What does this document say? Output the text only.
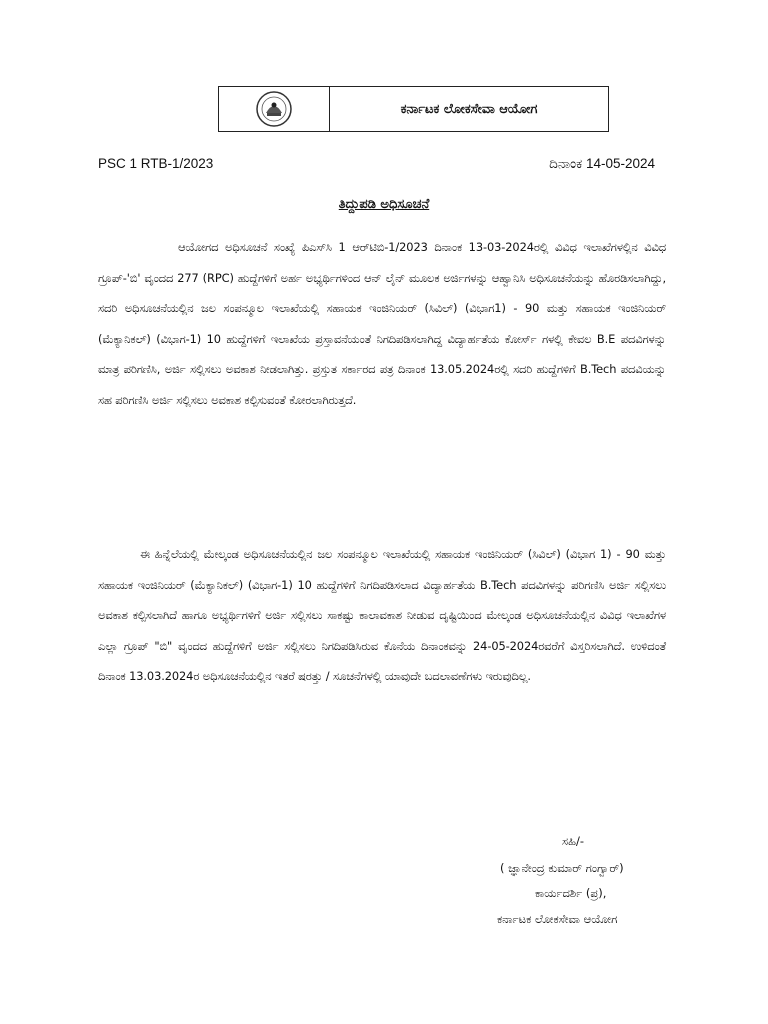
ಕರ್ನಾಟಕ ಲೋಕಸೇವಾ ಆಯೋಗ
PSC 1 RTB-1/2023	ದಿನಾಂಕ 14-05-2024
ತಿದ್ದುಪಡಿ ಅಧಿಸೂಚನೆ

ಆಯೋಗದ ಅಧಿಸೂಚನೆ ಸಂಖ್ಯೆ ಪಿಎಸ್‌ಸಿ 1 ಆರ್‌ಟಿಬಿ-1/2023 ದಿನಾಂಕ 13-03-2024ರಲ್ಲಿ ವಿವಿಧ ಇಲಾಖೆಗಳಲ್ಲಿನ ವಿವಿಧ ಗ್ರೂಪ್-'ಬಿ' ವೃಂದದ 277 (RPC) ಹುದ್ದೆಗಳಿಗೆ ಅರ್ಹ ಅಭ್ಯರ್ಥಿಗಳಿಂದ ಆನ್ ಲೈನ್ ಮೂಲಕ ಅರ್ಜಿಗಳನ್ನು ಆಹ್ವಾನಿಸಿ ಅಧಿಸೂಚನೆಯನ್ನು ಹೊರಡಿಸಲಾಗಿದ್ದು, ಸದರಿ ಅಧಿಸೂಚನೆಯಲ್ಲಿನ ಜಲ ಸಂಪನ್ಮೂಲ ಇಲಾಖೆಯಲ್ಲಿ ಸಹಾಯಕ ಇಂಜಿನಿಯರ್ (ಸಿವಿಲ್) (ವಿಭಾಗ1) - 90 ಮತ್ತು ಸಹಾಯಕ ಇಂಜಿನಿಯರ್ (ಮೆಕ್ಯಾನಿಕಲ್) (ವಿಭಾಗ-1) 10 ಹುದ್ದೆಗಳಿಗೆ ಇಲಾಖೆಯ ಪ್ರಸ್ತಾವನೆಯಂತೆ ನಿಗದಿಪಡಿಸಲಾಗಿದ್ದ ವಿದ್ಯಾರ್ಹತೆಯ ಕೋರ್ಸ್ ಗಳಲ್ಲಿ ಕೇವಲ B.E ಪದವಿಗಳನ್ನು ಮಾತ್ರ ಪರಿಗಣಿಸಿ, ಅರ್ಜಿ ಸಲ್ಲಿಸಲು ಅವಕಾಶ ನೀಡಲಾಗಿತ್ತು. ಪ್ರಸ್ತುತ ಸರ್ಕಾರದ ಪತ್ರ ದಿನಾಂಕ 13.05.2024ರಲ್ಲಿ ಸದರಿ ಹುದ್ದೆಗಳಿಗೆ B.Tech ಪದವಿಯನ್ನು ಸಹ ಪರಿಗಣಿಸಿ ಅರ್ಜಿ ಸಲ್ಲಿಸಲು ಅವಕಾಶ ಕಲ್ಪಿಸುವಂತೆ ಕೋರಲಾಗಿರುತ್ತದೆ.

ಈ ಹಿನ್ನೆಲೆಯಲ್ಲಿ ಮೇಲ್ಕಂಡ ಅಧಿಸೂಚನೆಯಲ್ಲಿನ ಜಲ ಸಂಪನ್ಮೂಲ ಇಲಾಖೆಯಲ್ಲಿ ಸಹಾಯಕ ಇಂಜಿನಿಯರ್ (ಸಿವಿಲ್) (ವಿಭಾಗ 1) - 90 ಮತ್ತು ಸಹಾಯಕ ಇಂಜಿನಿಯರ್ (ಮೆಕ್ಯಾನಿಕಲ್) (ವಿಭಾಗ-1) 10 ಹುದ್ದೆಗಳಿಗೆ ನಿಗದಿಪಡಿಸಲಾದ ವಿದ್ಯಾರ್ಹತೆಯ B.Tech ಪದವಿಗಳನ್ನು ಪರಿಗಣಿಸಿ ಅರ್ಜಿ ಸಲ್ಲಿಸಲು ಅವಕಾಶ ಕಲ್ಪಿಸಲಾಗಿದೆ ಹಾಗೂ ಅಭ್ಯರ್ಥಿಗಳಿಗೆ ಅರ್ಜಿ ಸಲ್ಲಿಸಲು ಸಾಕಷ್ಟು ಕಾಲಾವಕಾಶ ನೀಡುವ ದೃಷ್ಟಿಯಿಂದ ಮೇಲ್ಕಂಡ ಅಧಿಸೂಚನೆಯಲ್ಲಿನ ವಿವಿಧ ಇಲಾಖೆಗಳ ಎಲ್ಲಾ ಗ್ರೂಪ್ "ಬಿ" ವೃಂದದ ಹುದ್ದೆಗಳಿಗೆ ಅರ್ಜಿ ಸಲ್ಲಿಸಲು ನಿಗದಿಪಡಿಸಿರುವ ಕೊನೆಯ ದಿನಾಂಕವನ್ನು 24-05-2024ರವರೆಗೆ ವಿಸ್ತರಿಸಲಾಗಿದೆ. ಉಳಿದಂತೆ ದಿನಾಂಕ 13.03.2024ರ ಅಧಿಸೂಚನೆಯಲ್ಲಿನ ಇತರೆ ಷರತ್ತು / ಸೂಚನೆಗಳಲ್ಲಿ ಯಾವುದೇ ಬದಲಾವಣೆಗಳು ಇರುವುದಿಲ್ಲ.

ಸಹಿ/-
( ಜ್ಞಾನೇಂದ್ರ ಕುಮಾರ್ ಗಂಗ್ವಾರ್)
ಕಾರ್ಯದರ್ಶಿ (ಪ್ರ),
ಕರ್ನಾಟಕ ಲೋಕಸೇವಾ ಆಯೋಗ
